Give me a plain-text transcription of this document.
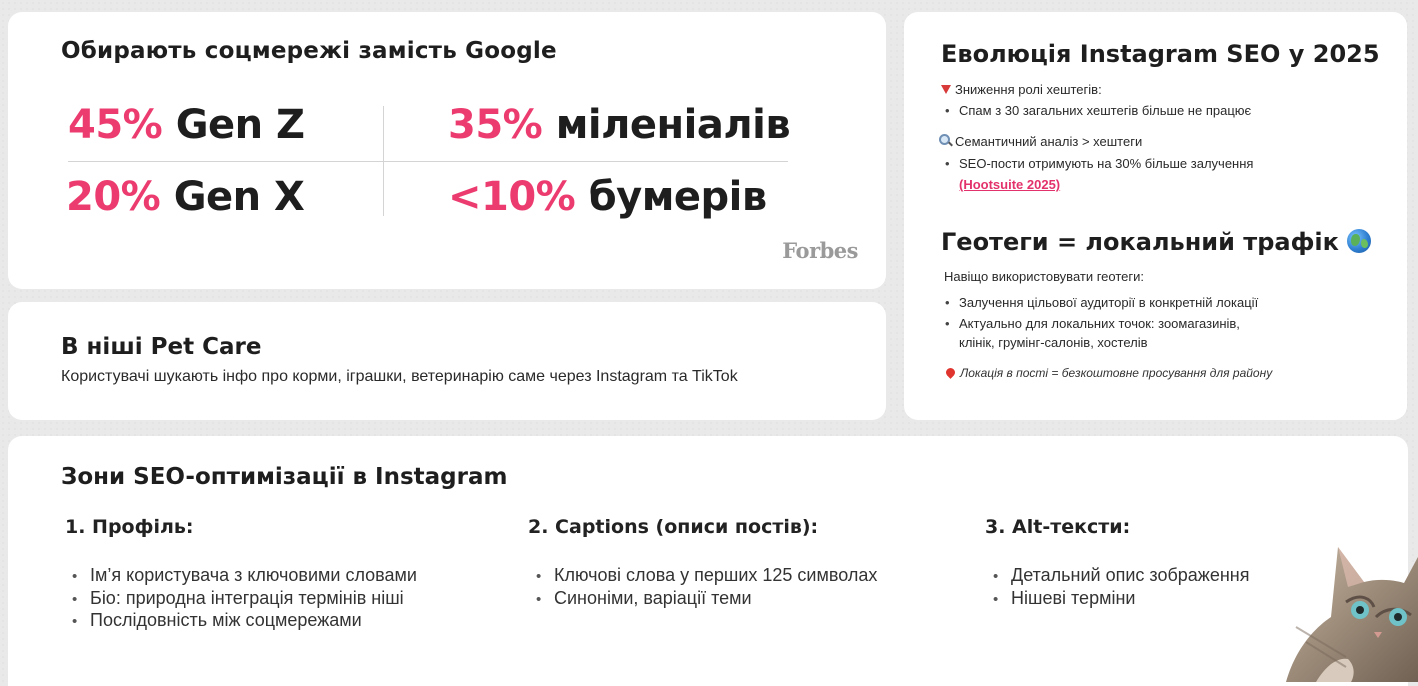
Обирають соцмережі замість Google
45% Gen Z	35% міленіалів
20% Gen X	<10% бумерів
Forbes
В ніші Pet Care
Користувачі шукають інфо про корми, іграшки, ветеринарію саме через Instagram та TikTok
Еволюція Instagram SEO у 2025
Зниження ролі хештегів:
• Спам з 30 загальних хештегів більше не працює
Семантичний аналіз > хештеги
• SEO-пости отримують на 30% більше залучення
(Hootsuite 2025)
Геотеги = локальний трафік
Навіщо використовувати геотеги:
• Залучення цільової аудиторії в конкретній локації
• Актуально для локальних точок: зоомагазинів,
клінік, грумінг-салонів, хостелів
Локація в пості = безкоштовне просування для району
Зони SEO-оптимізації в Instagram
1. Профіль:
• Ім’я користувача з ключовими словами
• Біо: природна інтеграція термінів ніші
• Послідовність між соцмережами
2. Captions (описи постів):
• Ключові слова у перших 125 символах
• Синоніми, варіації теми
3. Alt-тексти:
• Детальний опис зображення
• Нішеві терміни
